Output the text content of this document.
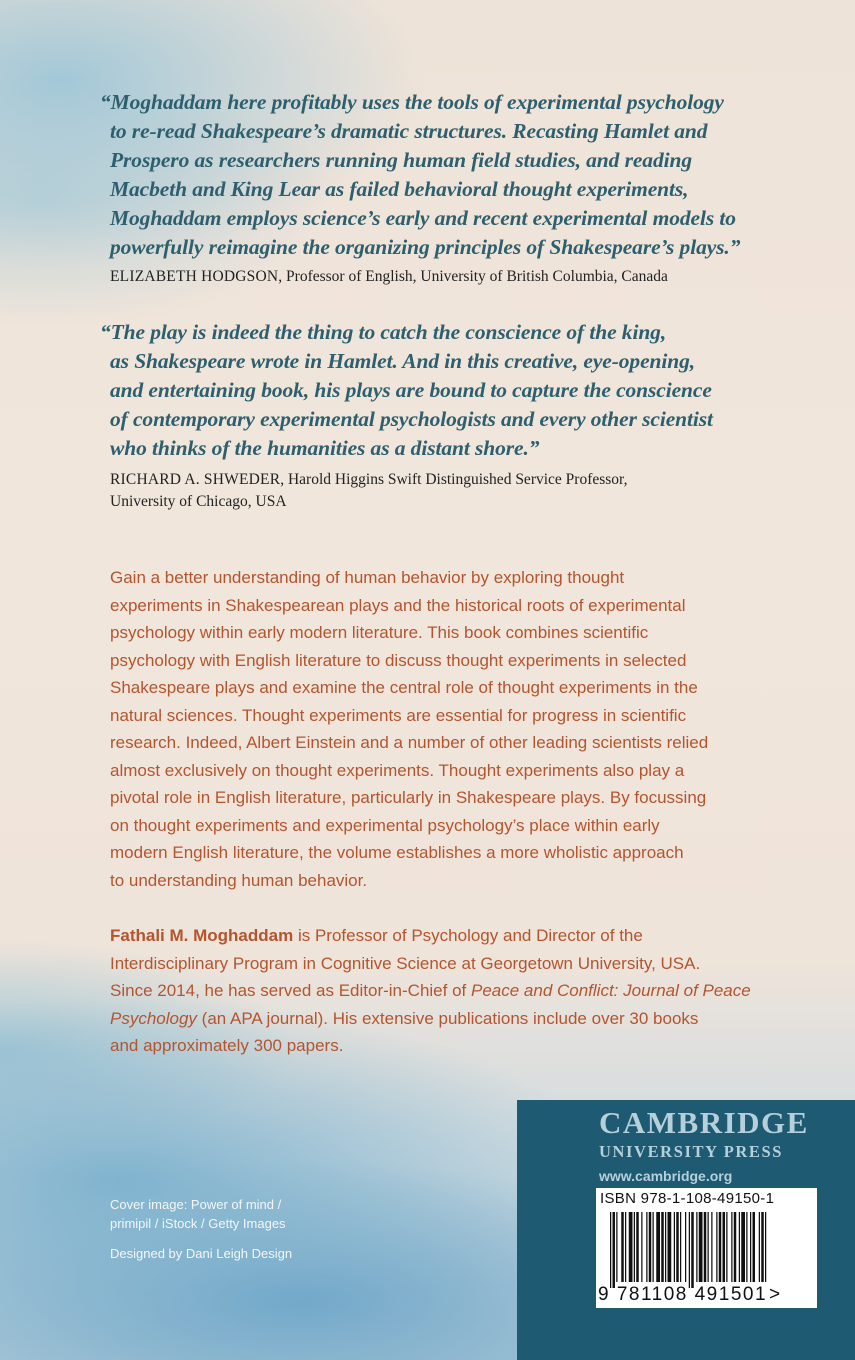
“Moghaddam here profitably uses the tools of experimental psychology
to re-read Shakespeare’s dramatic structures. Recasting Hamlet and
Prospero as researchers running human field studies, and reading
Macbeth and King Lear as failed behavioral thought experiments,
Moghaddam employs science’s early and recent experimental models to
powerfully reimagine the organizing principles of Shakespeare’s plays.”

ELIZABETH HODGSON, Professor of English, University of British Columbia, Canada

“The play is indeed the thing to catch the conscience of the king,
as Shakespeare wrote in Hamlet. And in this creative, eye-opening,
and entertaining book, his plays are bound to capture the conscience
of contemporary experimental psychologists and every other scientist
who thinks of the humanities as a distant shore.”

RICHARD A. SHWEDER, Harold Higgins Swift Distinguished Service Professor,
University of Chicago, USA

Gain a better understanding of human behavior by exploring thought
experiments in Shakespearean plays and the historical roots of experimental
psychology within early modern literature. This book combines scientific
psychology with English literature to discuss thought experiments in selected
Shakespeare plays and examine the central role of thought experiments in the
natural sciences. Thought experiments are essential for progress in scientific
research. Indeed, Albert Einstein and a number of other leading scientists relied
almost exclusively on thought experiments. Thought experiments also play a
pivotal role in English literature, particularly in Shakespeare plays. By focussing
on thought experiments and experimental psychology’s place within early
modern English literature, the volume establishes a more wholistic approach
to understanding human behavior.

Fathali M. Moghaddam is Professor of Psychology and Director of the
Interdisciplinary Program in Cognitive Science at Georgetown University, USA.
Since 2014, he has served as Editor-in-Chief of Peace and Conflict: Journal of Peace
Psychology (an APA journal). His extensive publications include over 30 books
and approximately 300 papers.

Cover image: Power of mind /
primipil / iStock / Getty Images
Designed by Dani Leigh Design
CAMBRIDGE
UNIVERSITY PRESS
www.cambridge.org
ISBN 978-1-108-49150-1
9 781108 491501 >
